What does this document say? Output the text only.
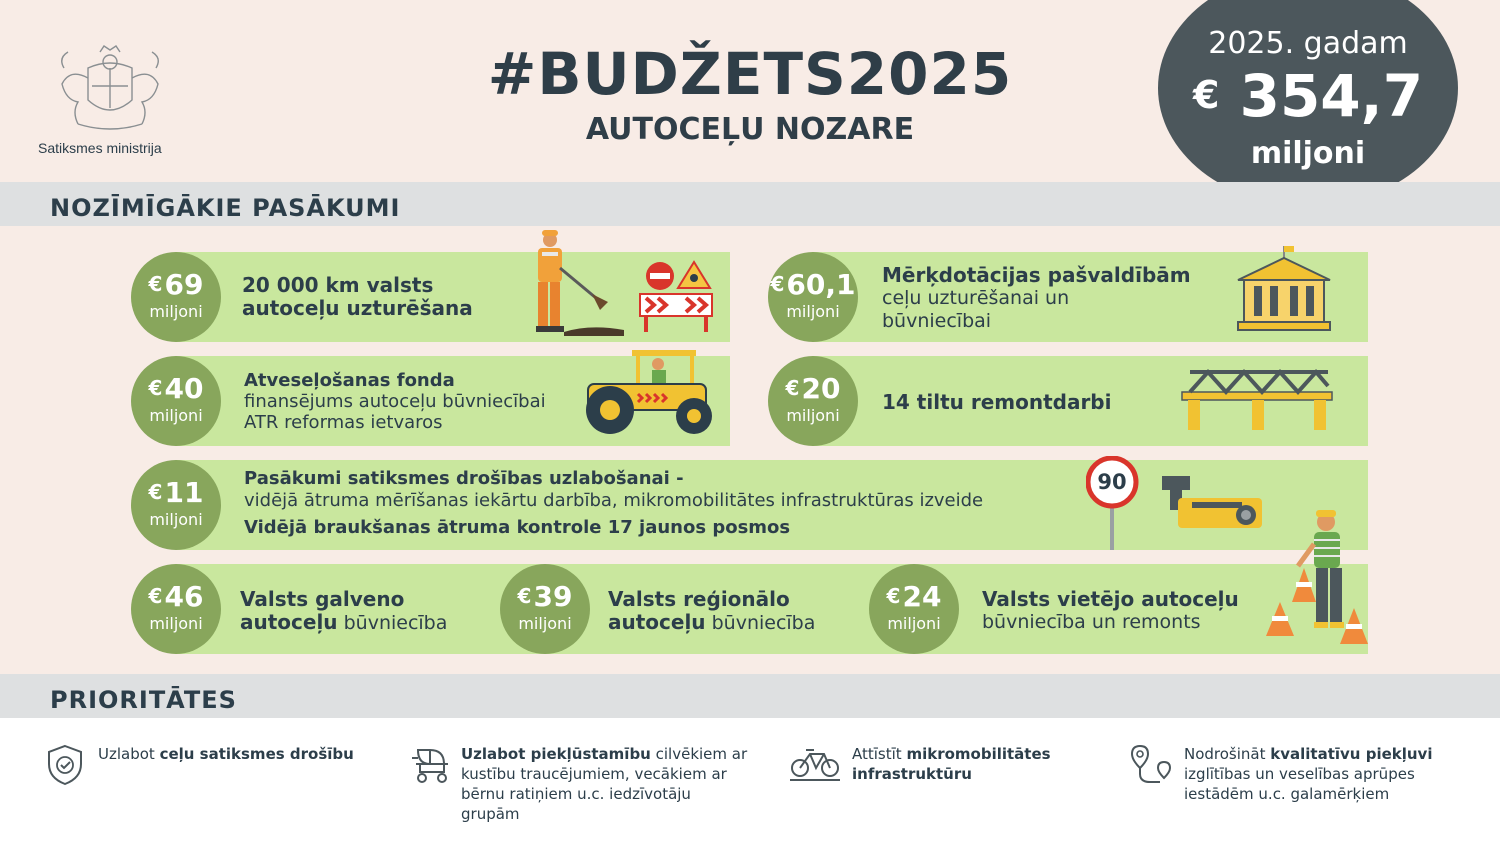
Satiksmes ministrija
#BUDŽETS2025
AUTOCEĻU NOZARE
2025. gadam
€ 354,7
miljoni
NOZĪMĪGĀKIE PASĀKUMI
€69
miljoni
20 000 km valsts
autoceļu uzturēšana
€60,1
miljoni
Mērķdotācijas pašvaldībām
ceļu uzturēšanai un
būvniecībai
€40
miljoni
Atveseļošanas fonda
finansējums autoceļu būvniecībai
ATR reformas ietvaros
€20
miljoni
14 tiltu remontdarbi
€11
miljoni
Pasākumi satiksmes drošības uzlabošanai -
vidējā ātruma mērīšanas iekārtu darbība, mikromobilitātes infrastruktūras izveide
Vidējā braukšanas ātruma kontrole 17 jaunos posmos
90
€46
miljoni
Valsts galveno
autoceļu būvniecība
€39
miljoni
Valsts reģionālo
autoceļu būvniecība
€24
miljoni
Valsts vietējo autoceļu
būvniecība un remonts
PRIORITĀTES
Uzlabot ceļu satiksmes drošību	Uzlabot piekļūstamību cilvēkiem ar kustību traucējumiem, vecākiem ar bērnu ratiņiem u.c. iedzīvotāju grupām
Attīstīt mikromobilitātes infrastruktūru
Nodrošināt kvalitatīvu piekļuvi izglītības un veselības aprūpes iestādēm u.c. galamērķiem
